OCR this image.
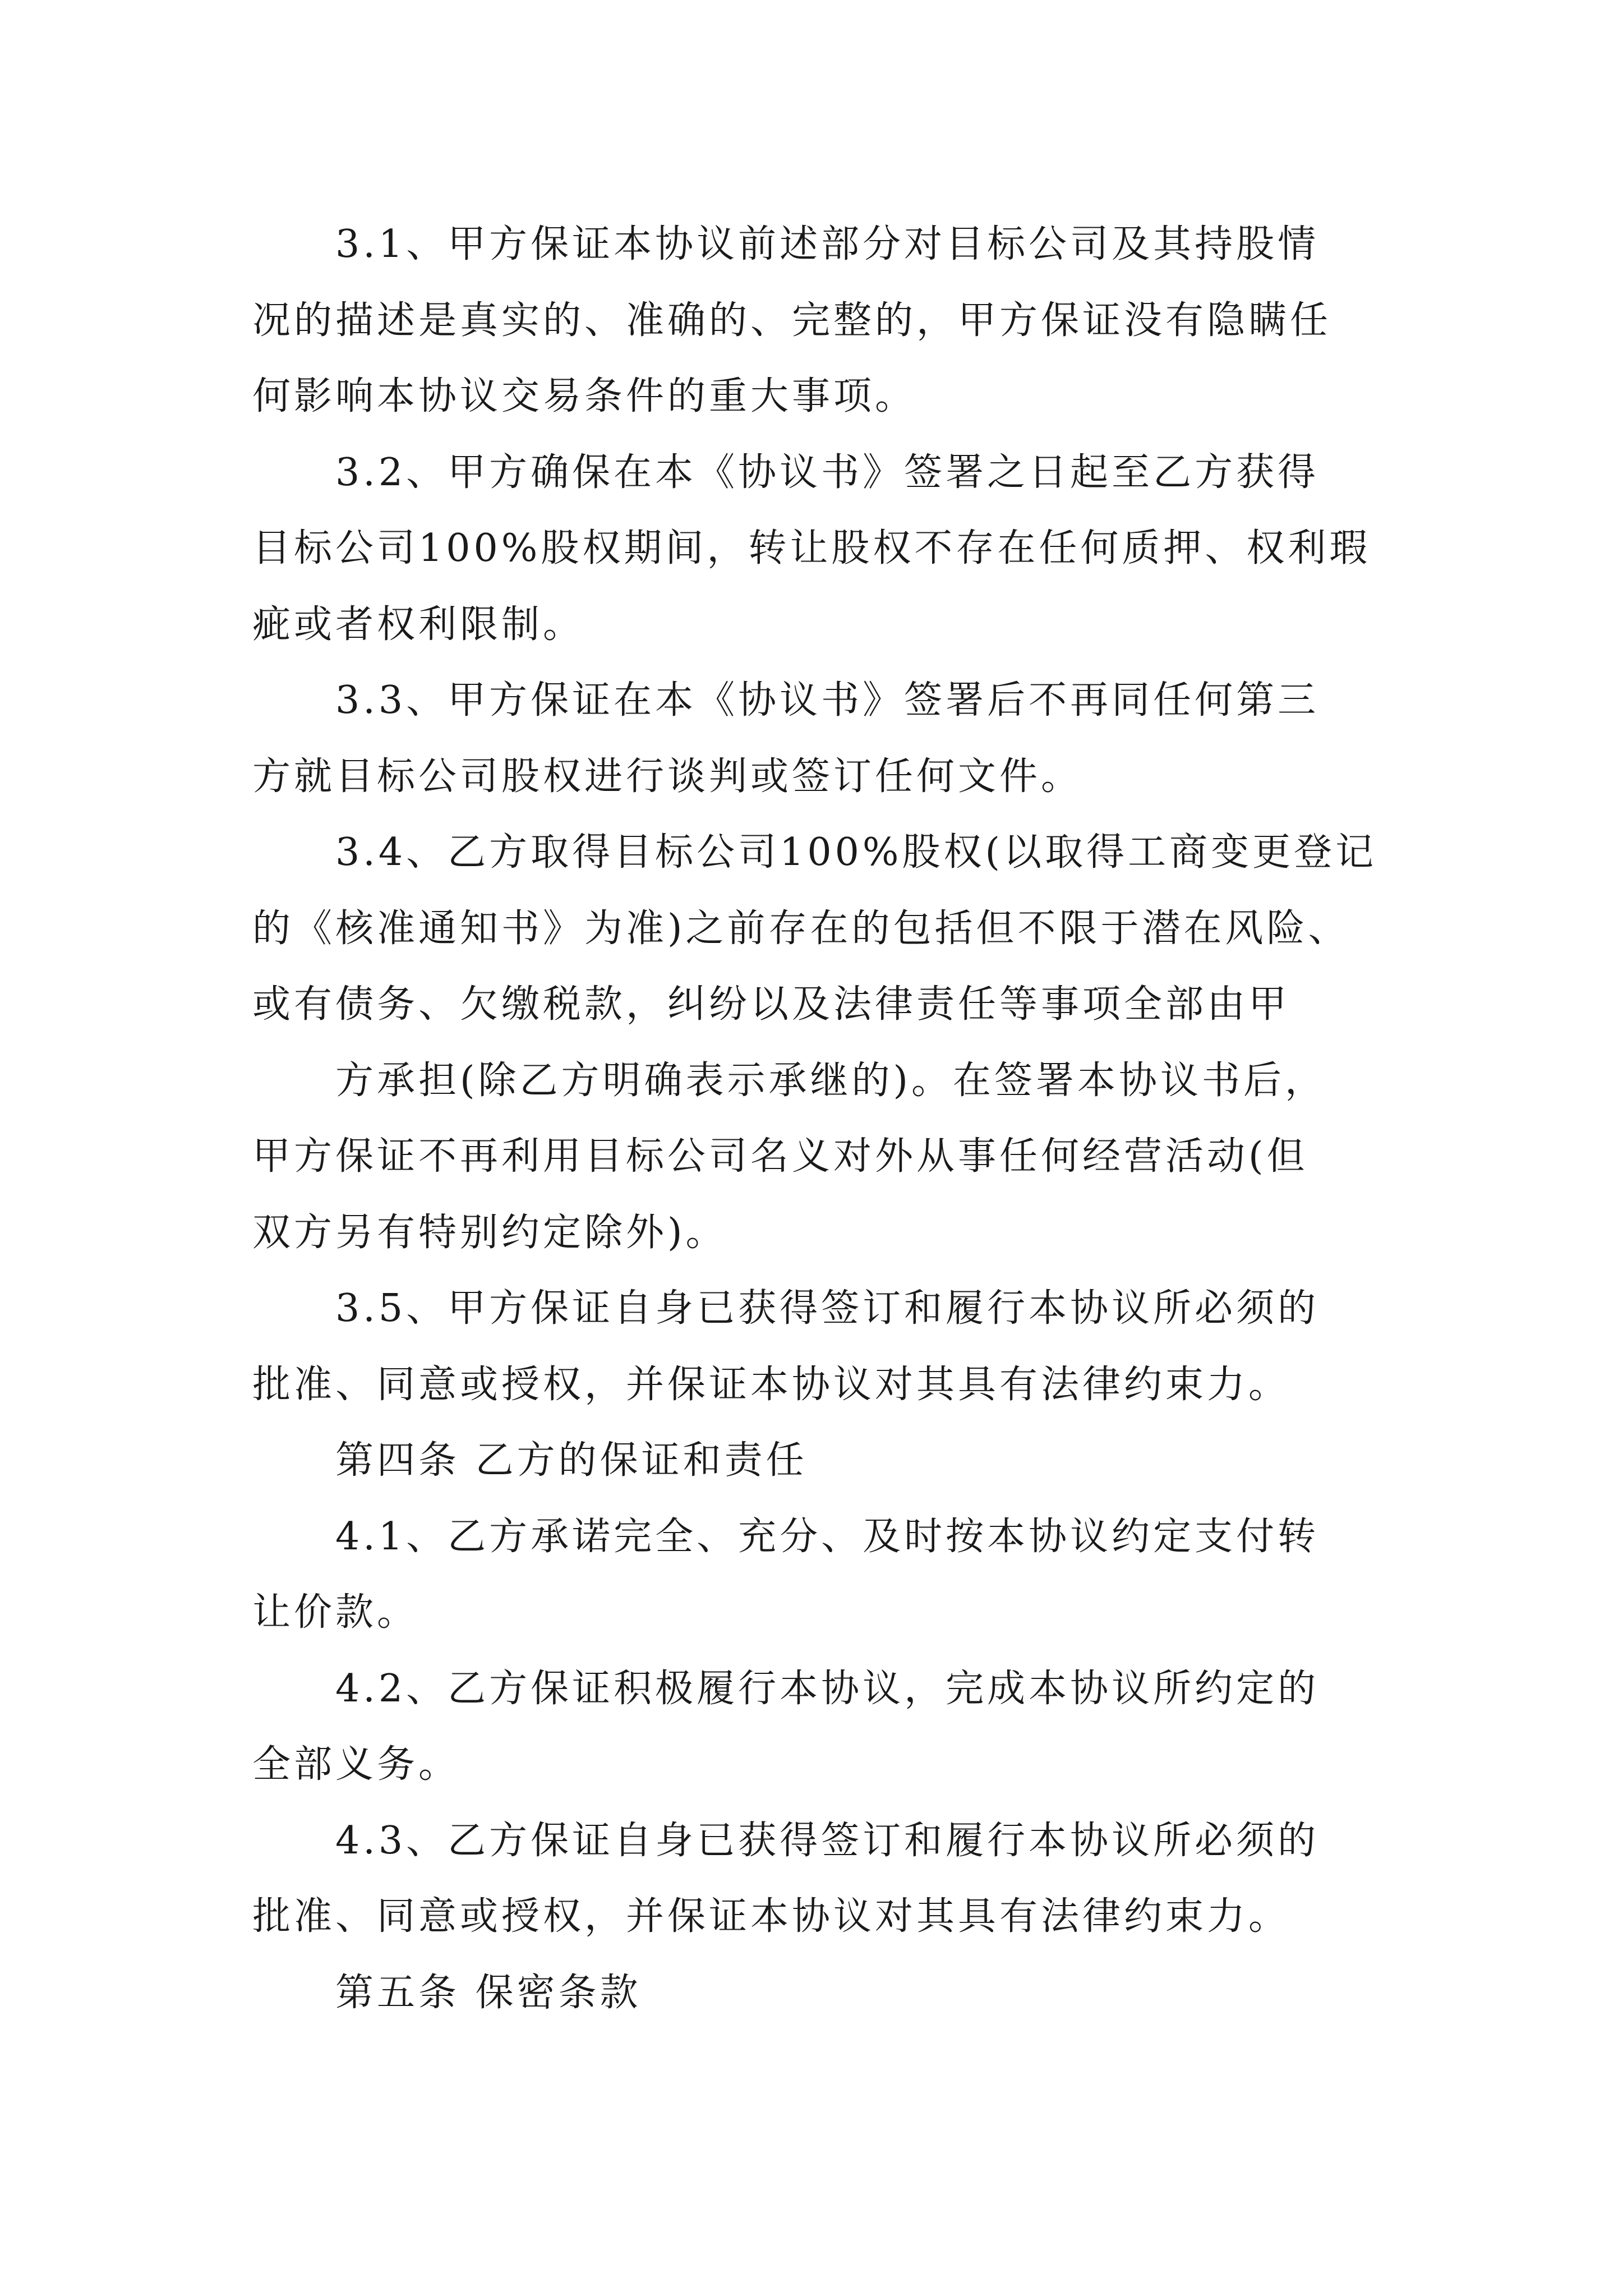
3.1、甲方保证本协议前述部分对目标公司及其持股情
况的描述是真实的、准确的、完整的，甲方保证没有隐瞒任
何影响本协议交易条件的重大事项。
3.2、甲方确保在本《协议书》签署之日起至乙方获得
目标公司100%股权期间，转让股权不存在任何质押、权利瑕
疵或者权利限制。
3.3、甲方保证在本《协议书》签署后不再同任何第三
方就目标公司股权进行谈判或签订任何文件。
3.4、乙方取得目标公司100%股权(以取得工商变更登记
的《核准通知书》为准)之前存在的包括但不限于潜在风险、
或有债务、欠缴税款，纠纷以及法律责任等事项全部由甲
方承担(除乙方明确表示承继的)。在签署本协议书后，
甲方保证不再利用目标公司名义对外从事任何经营活动(但
双方另有特别约定除外)。
3.5、甲方保证自身已获得签订和履行本协议所必须的
批准、同意或授权，并保证本协议对其具有法律约束力。
第四条 乙方的保证和责任
4.1、乙方承诺完全、充分、及时按本协议约定支付转
让价款。
4.2、乙方保证积极履行本协议，完成本协议所约定的
全部义务。
4.3、乙方保证自身已获得签订和履行本协议所必须的
批准、同意或授权，并保证本协议对其具有法律约束力。
第五条 保密条款
